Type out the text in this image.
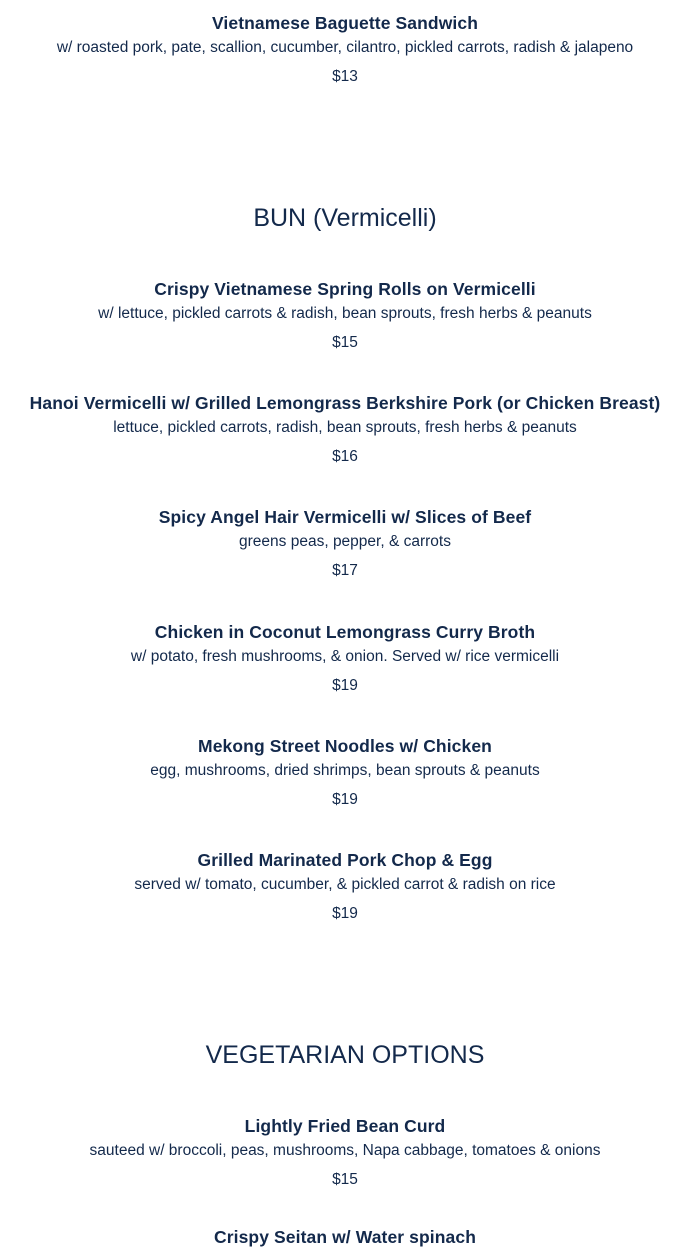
Vietnamese Baguette Sandwich
w/ roasted pork, pate, scallion, cucumber, cilantro, pickled carrots, radish & jalapeno
$13
BUN (Vermicelli)
Crispy Vietnamese Spring Rolls on Vermicelli
w/ lettuce, pickled carrots & radish, bean sprouts, fresh herbs & peanuts
$15
Hanoi Vermicelli w/ Grilled Lemongrass Berkshire Pork (or Chicken Breast)
lettuce, pickled carrots, radish, bean sprouts, fresh herbs & peanuts
$16
Spicy Angel Hair Vermicelli w/ Slices of Beef
greens peas, pepper, & carrots
$17
Chicken in Coconut Lemongrass Curry Broth
w/ potato, fresh mushrooms, & onion. Served w/ rice vermicelli
$19
Mekong Street Noodles w/ Chicken
egg, mushrooms, dried shrimps, bean sprouts & peanuts
$19
Grilled Marinated Pork Chop & Egg
served w/ tomato, cucumber, & pickled carrot & radish on rice
$19
VEGETARIAN OPTIONS
Lightly Fried Bean Curd
sauteed w/ broccoli, peas, mushrooms, Napa cabbage, tomatoes & onions
$15
Crispy Seitan w/ Water spinach
